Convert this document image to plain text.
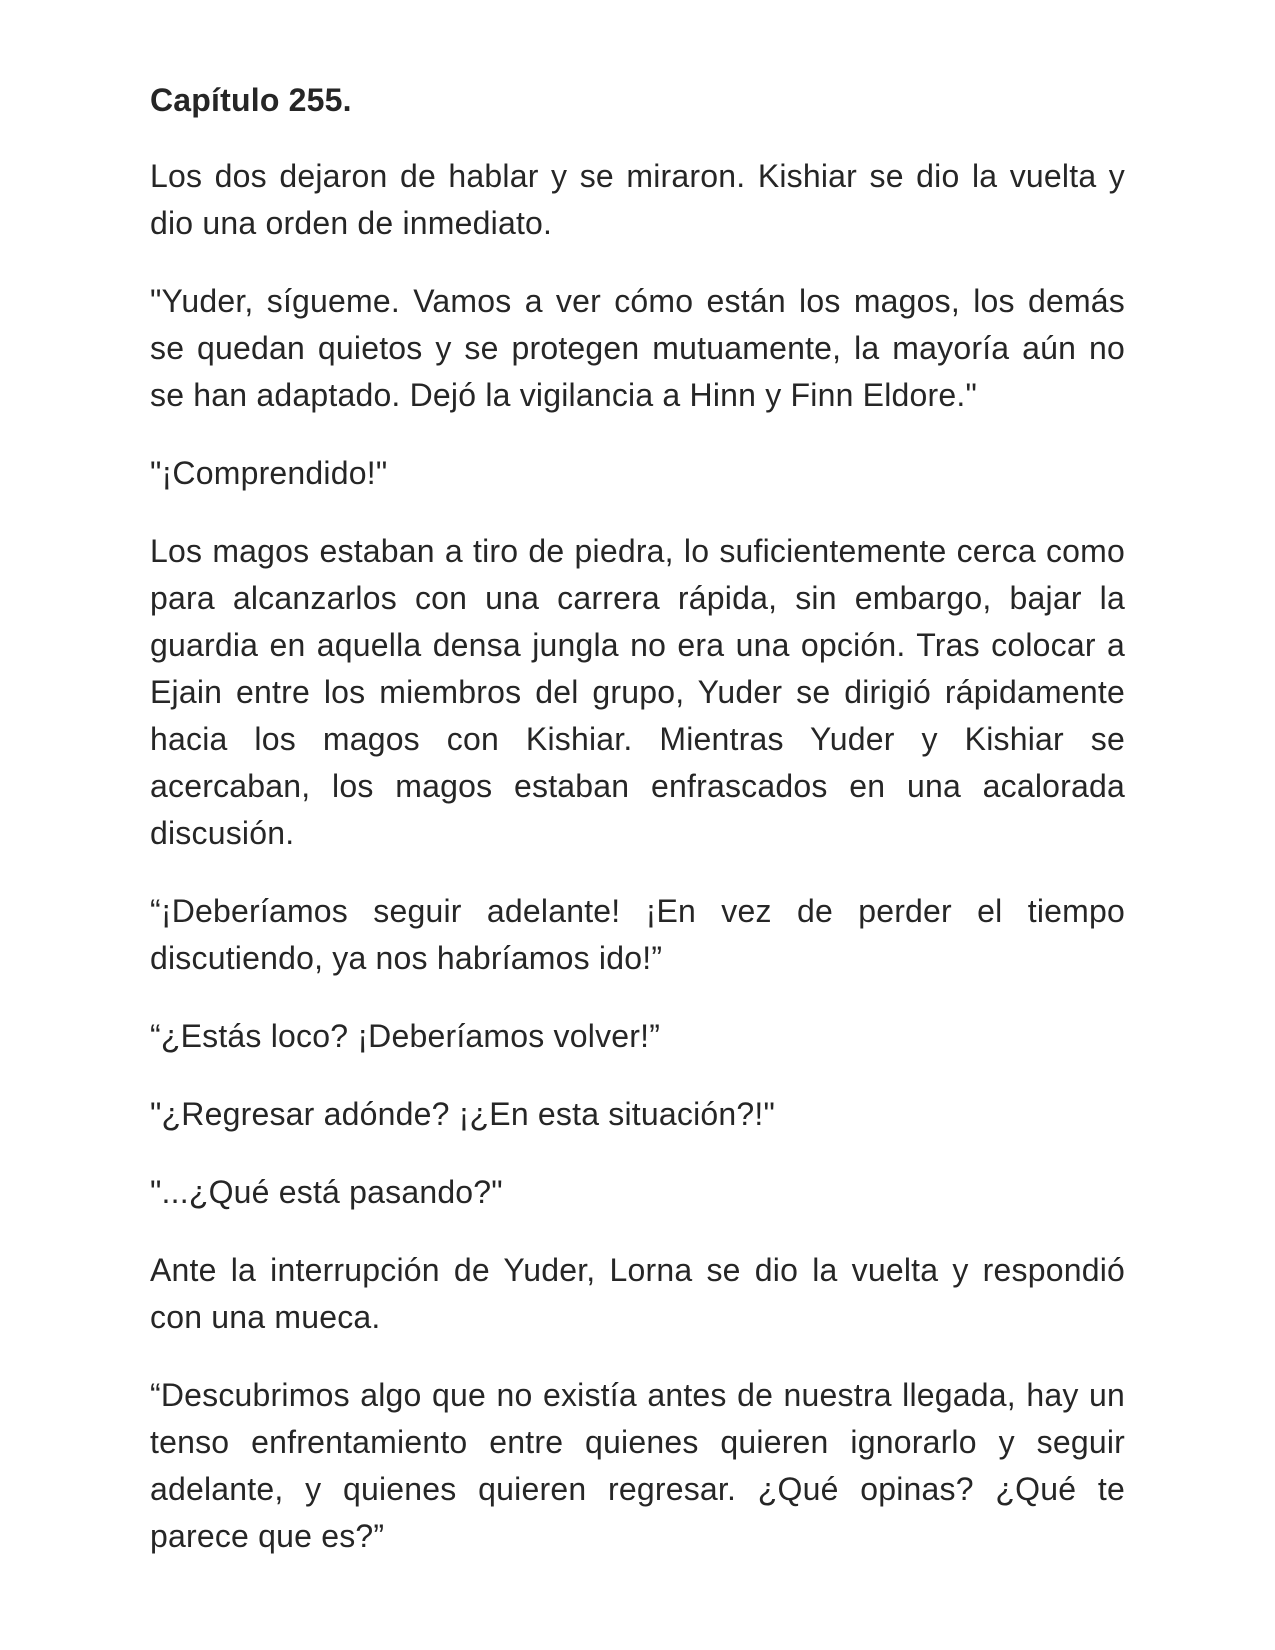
Capítulo 255.

Los dos dejaron de hablar y se miraron. Kishiar se dio la vuelta y dio una orden de inmediato.

"Yuder, sígueme. Vamos a ver cómo están los magos, los demás se quedan quietos y se protegen mutuamente, la mayoría aún no se han adaptado. Dejó la vigilancia a Hinn y Finn Eldore."

"¡Comprendido!"

Los magos estaban a tiro de piedra, lo suficientemente cerca como para alcanzarlos con una carrera rápida, sin embargo, bajar la guardia en aquella densa jungla no era una opción. Tras colocar a Ejain entre los miembros del grupo, Yuder se dirigió rápidamente hacia los magos con Kishiar. Mientras Yuder y Kishiar se acercaban, los magos estaban enfrascados en una acalorada discusión.

“¡Deberíamos seguir adelante! ¡En vez de perder el tiempo discutiendo, ya nos habríamos ido!”

“¿Estás loco? ¡Deberíamos volver!”

"¿Regresar adónde? ¡¿En esta situación?!"

"...¿Qué está pasando?"

Ante la interrupción de Yuder, Lorna se dio la vuelta y respondió con una mueca.

“Descubrimos algo que no existía antes de nuestra llegada, hay un tenso enfrentamiento entre quienes quieren ignorarlo y seguir adelante, y quienes quieren regresar. ¿Qué opinas? ¿Qué te parece que es?”
